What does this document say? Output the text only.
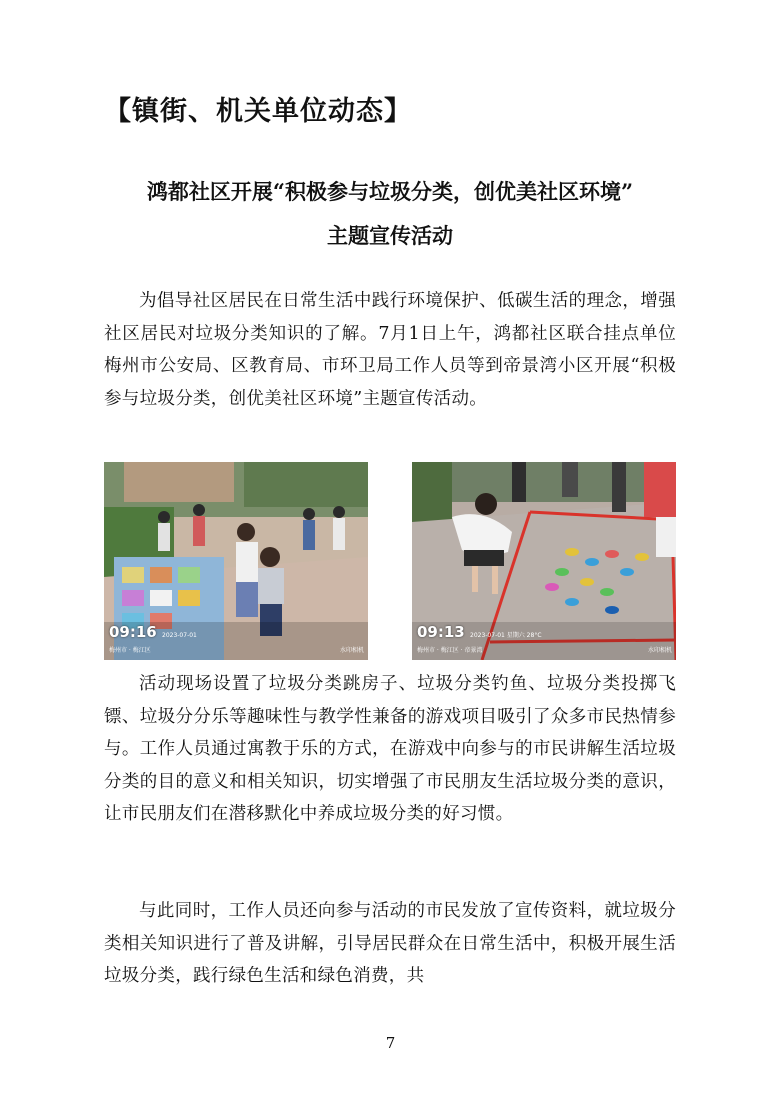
【镇街、机关单位动态】
鸿都社区开展“积极参与垃圾分类，创优美社区环境”
主题宣传活动

为倡导社区居民在日常生活中践行环境保护、低碳生活的理念，增强社区居民对垃圾分类知识的了解。7月1日上午，鸿都社区联合挂点单位梅州市公安局、区教育局、市环卫局工作人员等到帝景湾小区开展“积极参与垃圾分类，创优美社区环境”主题宣传活动。

09:16 2023-07-01
梅州市 · 梅江区	水印相机
09:13 2023-07-01 星期六 28°C
梅州市 · 梅江区 · 帝景湾	水印相机

活动现场设置了垃圾分类跳房子、垃圾分类钓鱼、垃圾分类投掷飞镖、垃圾分分乐等趣味性与教学性兼备的游戏项目吸引了众多市民热情参与。工作人员通过寓教于乐的方式，在游戏中向参与的市民讲解生活垃圾分类的目的意义和相关知识，切实增强了市民朋友生活垃圾分类的意识，让市民朋友们在潜移默化中养成垃圾分类的好习惯。

与此同时，工作人员还向参与活动的市民发放了宣传资料，就垃圾分类相关知识进行了普及讲解，引导居民群众在日常生活中，积极开展生活垃圾分类，践行绿色生活和绿色消费，共

7
